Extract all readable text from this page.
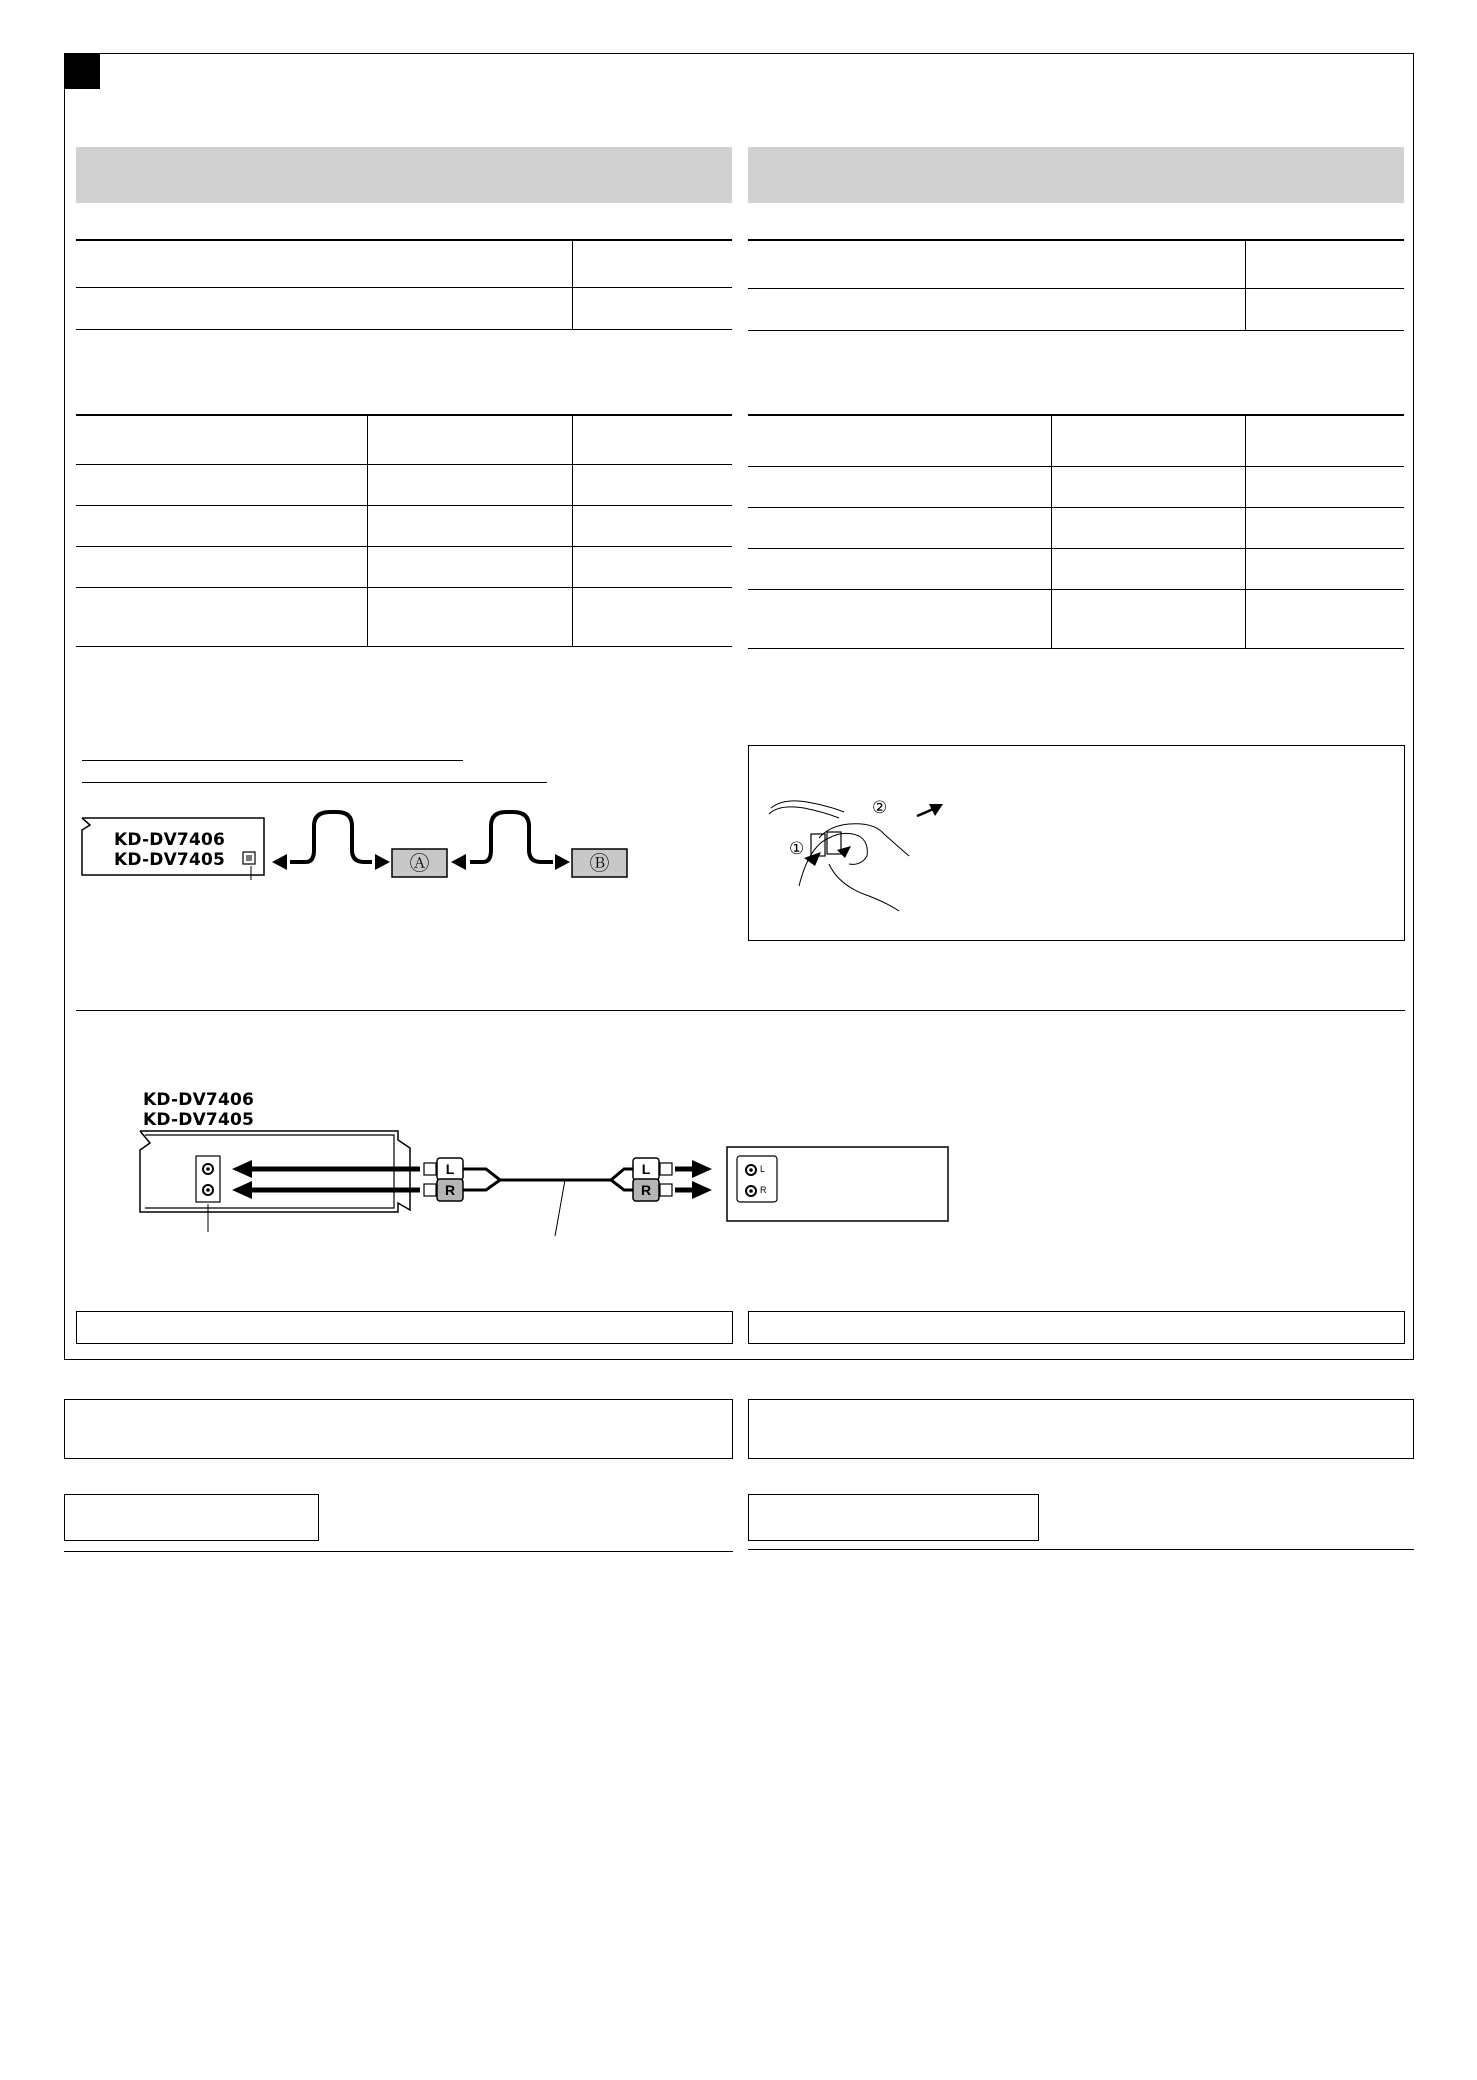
KD-DV7406
KD-DV7405	Ⓐ	Ⓑ
①
②
KD-DV7406
KD-DV7405
L
R
L
R
L
R
